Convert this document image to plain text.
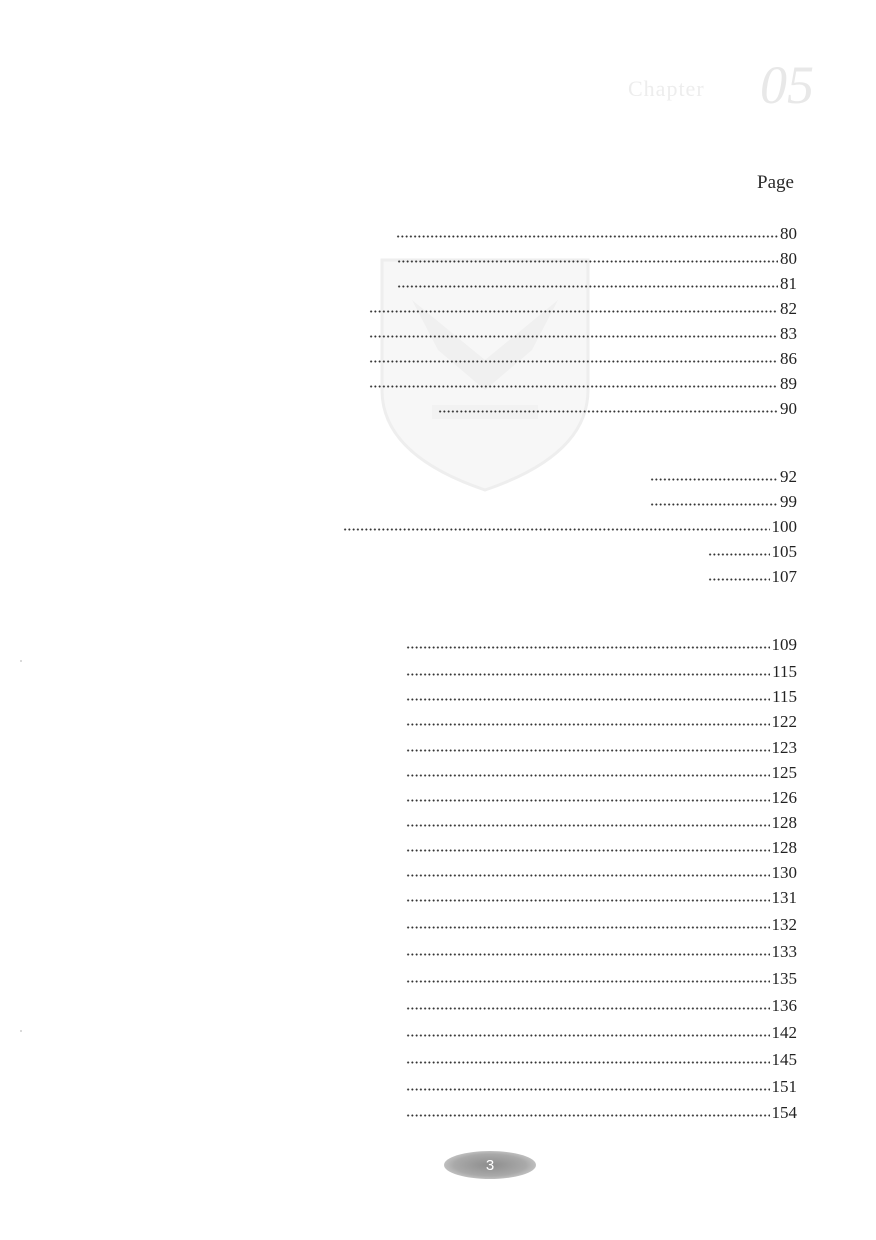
Chapter 05
Page
80
80
81
82
83
86
89
90
92
99
100
105
107
109
115
115
122
123
125
126
128
128
130
131
132
133
135
136
142
145
151
154
3
